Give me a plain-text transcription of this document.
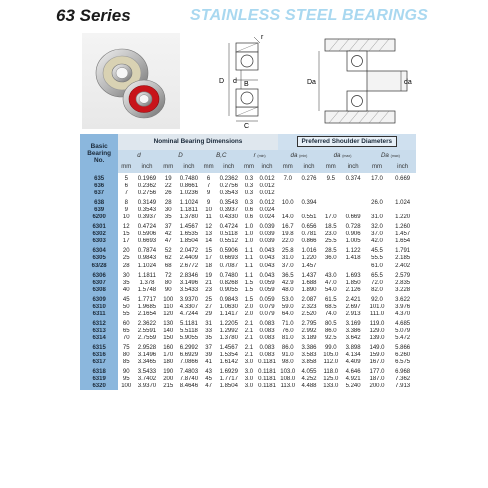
63 Series	STAINLESS STEEL BEARINGS
r
D	B
d
C
Da	da
Basic
Bearing
No.	Nominal Bearing Dimensions								Preferred Shoulder Diameters					
	d		D		B,C		r (min)		da (min)		da (max)		Da (max)	
	mm	inch	mm	inch	mm	inch	mm	inch	mm	inch	mm	inch	mm	inch
635	5	0.1969	19	0.7480	6	0.2362	0.3	0.012	7.0	0.276	9.5	0.374	17.0	0.669
636	6	0.2362	22	0.8661	7	0.2756	0.3	0.012						
637	7	0.2756	26	1.0236	9	0.3543	0.3	0.012						
638	8	0.3149	28	1.1024	9	0.3543	0.3	0.012	10.0	0.394			26.0	1.024
639	9	0.3543	30	1.1811	10	0.3937	0.6	0.024						
6200	10	0.3937	35	1.3780	11	0.4330	0.6	0.024	14.0	0.551	17.0	0.669	31.0	1.220
6301	12	0.4724	37	1.4567	12	0.4724	1.0	0.039	16.7	0.656	18.5	0.728	32.0	1.260
6302	15	0.5906	42	1.6535	13	0.5118	1.0	0.039	19.8	0.781	23.0	0.906	37.0	1.457
6303	17	0.6693	47	1.8504	14	0.5512	1.0	0.039	22.0	0.866	25.5	1.005	42.0	1.654
6304	20	0.7874	52	2.0472	15	0.5906	1.1	0.043	25.8	1.016	28.5	1.122	45.5	1.791
6305	25	0.9843	62	2.4409	17	0.6693	1.1	0.043	31.0	1.220	36.0	1.418	55.5	2.185
63/28	28	1.1024	68	2.6772	18	0.7087	1.1	0.043	37.0	1.457			61.0	2.402
6306	30	1.1811	72	2.8346	19	0.7480	1.1	0.043	36.5	1.437	43.0	1.693	65.5	2.579
6307	35	1.378	80	3.1496	21	0.8268	1.5	0.059	42.9	1.688	47.0	1.850	72.0	2.835
6308	40	1.5748	90	3.5433	23	0.9055	1.5	0.059	48.0	1.890	54.0	2.126	82.0	3.228
6309	45	1.7717	100	3.9370	25	0.9843	1.5	0.059	53.0	2.087	61.5	2.421	92.0	3.622
6310	50	1.9685	110	4.3307	27	1.0630	2.0	0.079	59.0	2.323	68.5	2.697	101.0	3.976
6311	55	2.1654	120	4.7244	29	1.1417	2.0	0.079	64.0	2.520	74.0	2.913	111.0	4.370
6312	60	2.3622	130	5.1181	31	1.2205	2.1	0.083	71.0	2.795	80.5	3.169	119.0	4.685
6313	65	2.5591	140	5.5118	33	1.2992	2.1	0.083	76.0	2.992	86.0	3.386	129.0	5.079
6314	70	2.7559	150	5.9055	35	1.3780	2.1	0.083	81.0	3.189	92.5	3.642	139.0	5.472
6315	75	2.9528	160	6.2992	37	1.4567	2.1	0.083	86.0	3.386	99.0	3.898	149.0	5.866
6316	80	3.1496	170	6.6929	39	1.5354	2.1	0.083	91.0	3.583	105.0	4.134	159.0	6.260
6317	85	3.3465	180	7.0866	41	1.6142	3.0	0.1181	98.0	3.858	112.0	4.409	167.0	6.575
6318	90	3.5433	190	7.4803	43	1.6929	3.0	0.1181	103.0	4.055	118.0	4.646	177.0	6.968
6319	95	3.7402	200	7.8740	45	1.7717	3.0	0.1181	108.0	4.252	125.0	4.921	187.0	7.362
6320	100	3.9370	215	8.4646	47	1.8504	3.0	0.1181	113.0	4.488	133.0	5.240	200.0	7.913
